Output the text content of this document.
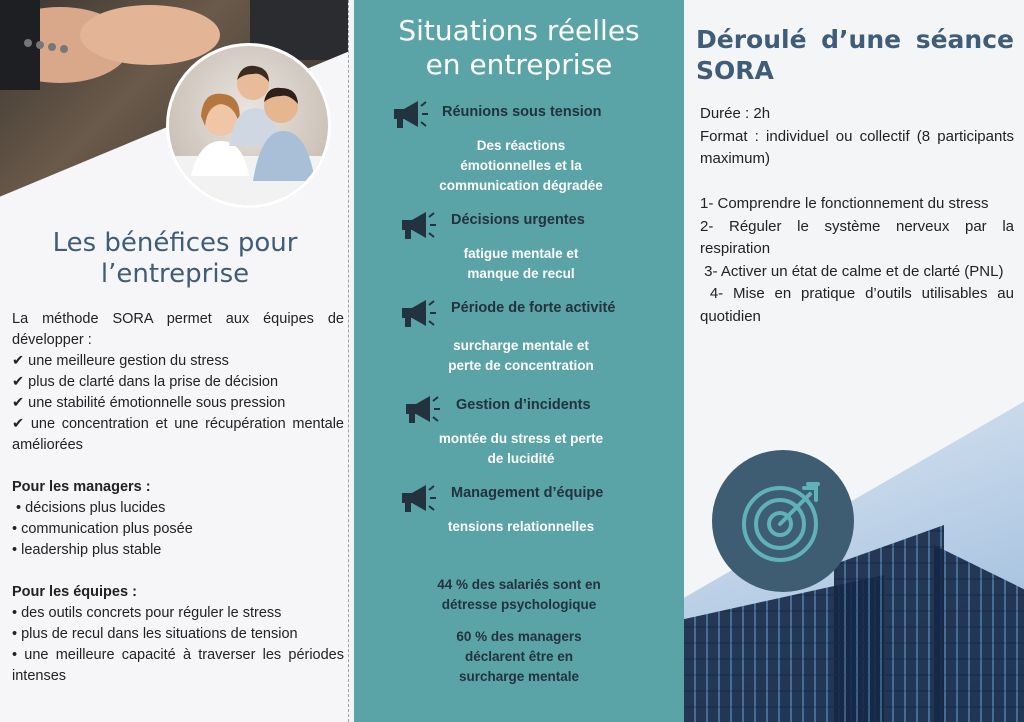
Les bénéfices pour
l’entreprise

La méthode SORA permet aux équipes de développer :

✔ une meilleure gestion du stress

✔ plus de clarté dans la prise de décision

✔ une stabilité émotionnelle sous pression

✔ une concentration et une récupération mentale améliorées

Pour les managers :

• décisions plus lucides

• communication plus posée

• leadership plus stable

Pour les équipes :

• des outils concrets pour réguler le stress

• plus de recul dans les situations de tension

• une meilleure capacité à traverser les périodes intenses

Situations réelles
en entreprise
Déroulé d’une séance
SORA

Durée : 2h

Format : individuel ou collectif (8 participants maximum)

1- Comprendre le fonctionnement du stress

2- Réguler le système nerveux par la respiration

3- Activer un état de calme et de clarté (PNL)

4- Mise en pratique d’outils utilisables au quotidien

Réunions sous tension
Des réactions
émotionnelles et la
communication dégradée
Décisions urgentes
fatigue mentale et
manque de recul
Période de forte activité
surcharge mentale et
perte de concentration
Gestion d’incidents
montée du stress et perte
de lucidité
Management d’équipe
tensions relationnelles
44 % des salariés sont en
détresse psychologique
60 % des managers
déclarent être en
surcharge mentale
